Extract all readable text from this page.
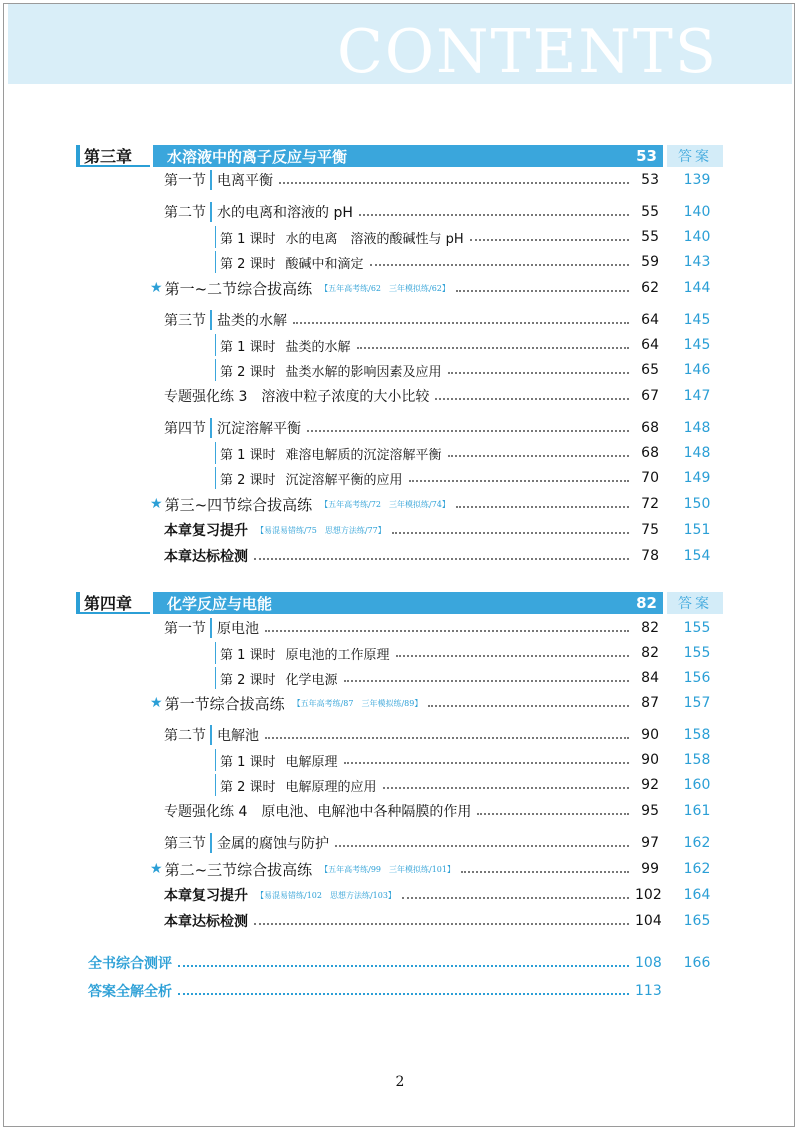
CONTENTS
第三章	水溶液中的离子反应与平衡	53	答案
第一节 电离平衡	53	139
第二节 水的电离和溶液的 pH	55	140
第 1 课时 水的电离　溶液的酸碱性与 pH	55	140
第 2 课时 酸碱中和滴定	59	143
★ 第一~二节综合拔高练 【五年高考练/62　三年模拟练/62】	62	144
第三节 盐类的水解	64	145
第 1 课时 盐类的水解	64	145
第 2 课时 盐类水解的影响因素及应用	65	146
专题强化练 3　溶液中粒子浓度的大小比较	67	147
第四节 沉淀溶解平衡	68	148
第 1 课时 难溶电解质的沉淀溶解平衡	68	148
第 2 课时 沉淀溶解平衡的应用	70	149
★ 第三~四节综合拔高练 【五年高考练/72　三年模拟练/74】	72	150
本章复习提升 【易混易错练/75　思想方法练/77】	75	151
本章达标检测	78	154
第四章	化学反应与电能	82	答案
第一节 原电池	82	155
第 1 课时 原电池的工作原理	82	155
第 2 课时 化学电源	84	156
★ 第一节综合拔高练 【五年高考练/87　三年模拟练/89】	87	157
第二节 电解池	90	158
第 1 课时 电解原理	90	158
第 2 课时 电解原理的应用	92	160
专题强化练 4　原电池、电解池中各种隔膜的作用	95	161
第三节 金属的腐蚀与防护	97	162
★ 第二~三节综合拔高练 【五年高考练/99　三年模拟练/101】	99	162
本章复习提升 【易混易错练/102　思想方法练/103】	102	164
本章达标检测	104	165
全书综合测评	108	166
答案全解全析	113
2
